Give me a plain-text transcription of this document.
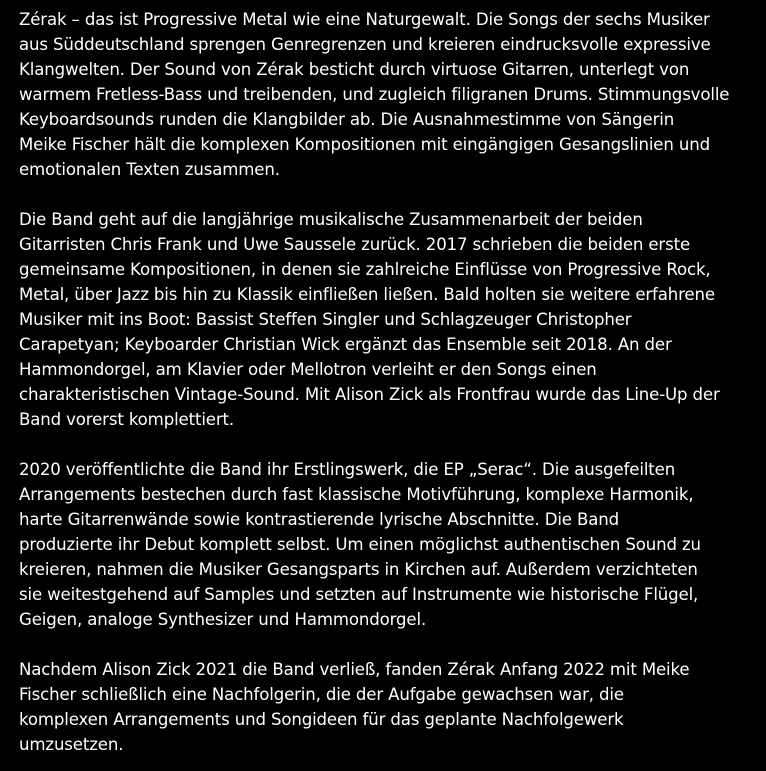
Zérak – das ist Progressive Metal wie eine Naturgewalt. Die Songs der sechs Musiker
aus Süddeutschland sprengen Genregrenzen und kreieren eindrucksvolle expressive
Klangwelten. Der Sound von Zérak besticht durch virtuose Gitarren, unterlegt von
warmem Fretless-Bass und treibenden, und zugleich filigranen Drums. Stimmungsvolle
Keyboardsounds runden die Klangbilder ab. Die Ausnahmestimme von Sängerin
Meike Fischer hält die komplexen Kompositionen mit eingängigen Gesangslinien und
emotionalen Texten zusammen.
Die Band geht auf die langjährige musikalische Zusammenarbeit der beiden
Gitarristen Chris Frank und Uwe Saussele zurück. 2017 schrieben die beiden erste
gemeinsame Kompositionen, in denen sie zahlreiche Einflüsse von Progressive Rock,
Metal, über Jazz bis hin zu Klassik einfließen ließen. Bald holten sie weitere erfahrene
Musiker mit ins Boot: Bassist Steffen Singler und Schlagzeuger Christopher
Carapetyan; Keyboarder Christian Wick ergänzt das Ensemble seit 2018. An der
Hammondorgel, am Klavier oder Mellotron verleiht er den Songs einen
charakteristischen Vintage-Sound. Mit Alison Zick als Frontfrau wurde das Line-Up der
Band vorerst komplettiert.
2020 veröffentlichte die Band ihr Erstlingswerk, die EP „Serac“. Die ausgefeilten
Arrangements bestechen durch fast klassische Motivführung, komplexe Harmonik,
harte Gitarrenwände sowie kontrastierende lyrische Abschnitte. Die Band
produzierte ihr Debut komplett selbst. Um einen möglichst authentischen Sound zu
kreieren, nahmen die Musiker Gesangsparts in Kirchen auf. Außerdem verzichteten
sie weitestgehend auf Samples und setzten auf Instrumente wie historische Flügel,
Geigen, analoge Synthesizer und Hammondorgel.
Nachdem Alison Zick 2021 die Band verließ, fanden Zérak Anfang 2022 mit Meike
Fischer schließlich eine Nachfolgerin, die der Aufgabe gewachsen war, die
komplexen Arrangements und Songideen für das geplante Nachfolgewerk
umzusetzen.
